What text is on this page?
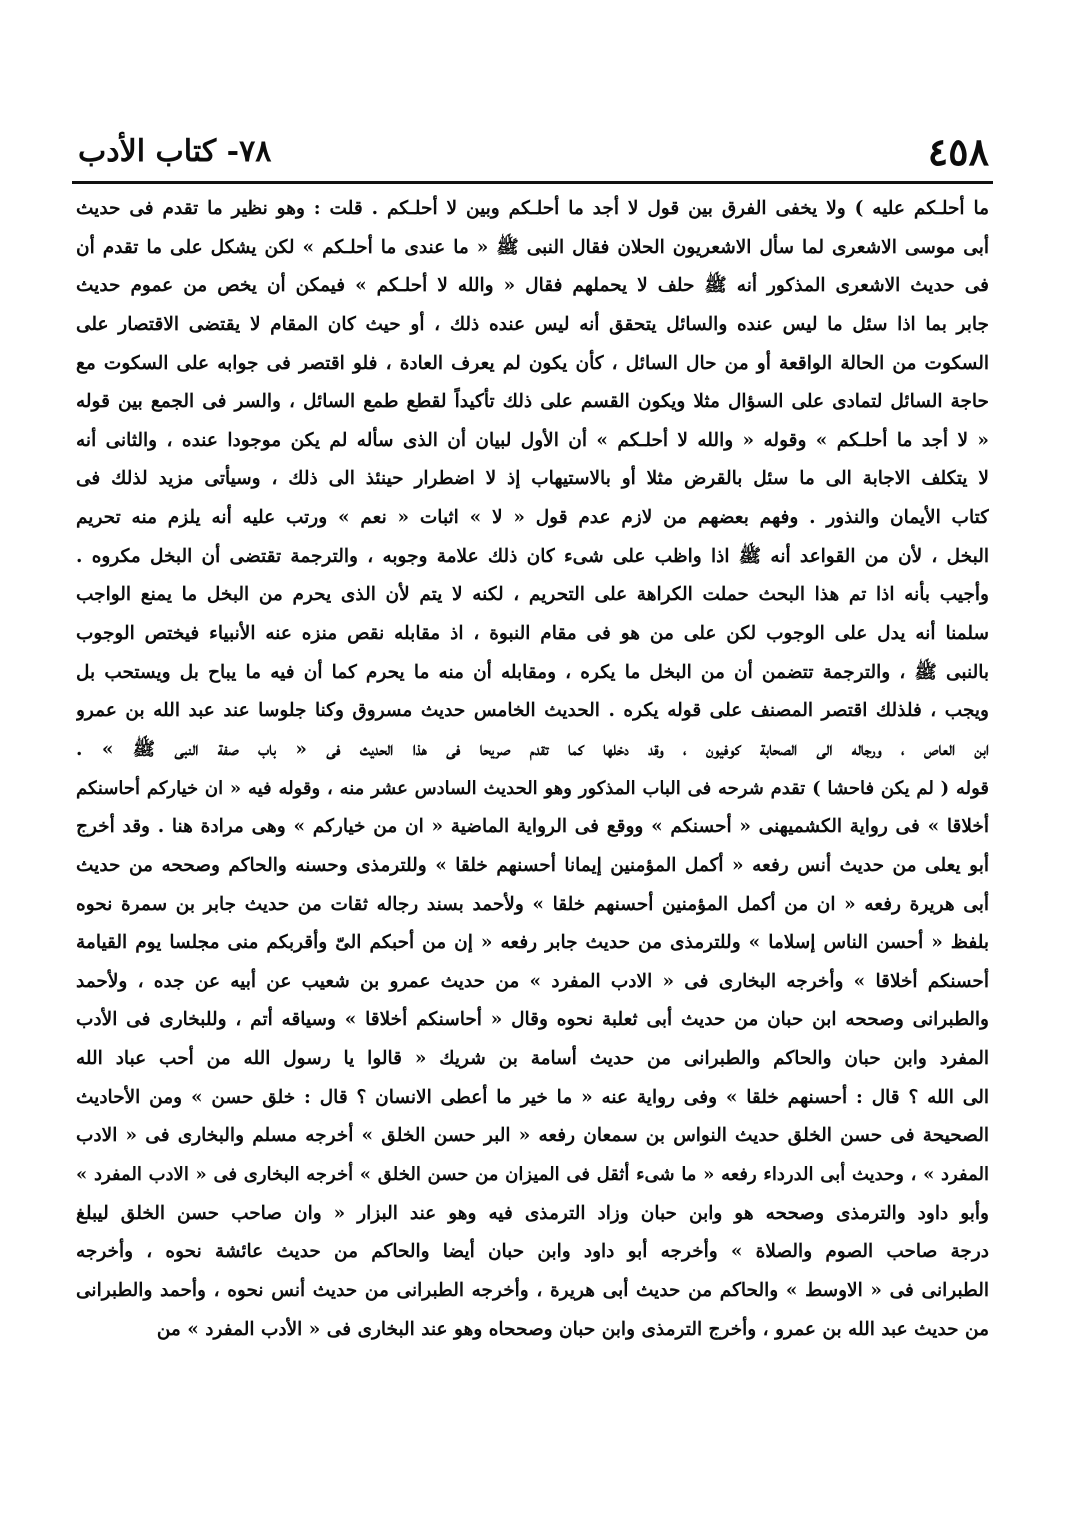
٤٥٨
٧٨- كتاب الأدب
ما أحلـكم عليه ) ولا يخفى الفرق بين قول لا أجد ما أحلـكم وبين لا أحلـكم . قلت : وهو نظير ما تقدم فى حديث
أبى موسى الاشعرى لما سأل الاشعريون الحلان فقال النبى ﷺ « ما عندى ما أحلـكم » لكن يشكل على ما تقدم أن
فى حديث الاشعرى المذكور أنه ﷺ حلف لا يحملهم فقال « والله لا أحلـكم » فيمكن أن يخص من عموم حديث
جابر بما اذا سئل ما ليس عنده والسائل يتحقق أنه ليس عنده ذلك ، أو حيث كان المقام لا يقتضى الاقتصار على
السكوت من الحالة الواقعة أو من حال السائل ، كأن يكون لم يعرف العادة ، فلو اقتصر فى جوابه على السكوت مع
حاجة السائل لتمادى على السؤال مثلا ويكون القسم على ذلك تأكيداً لقطع طمع السائل ، والسر فى الجمع بين قوله
« لا أجد ما أحلـكم » وقوله « والله لا أحلـكم » أن الأول لبيان أن الذى سأله لم يكن موجودا عنده ، والثانى أنه
لا يتكلف الاجابة الى ما سئل بالقرض مثلا أو بالاستيهاب إذ لا اضطرار حينئذ الى ذلك ، وسيأتى مزيد لذلك فى
كتاب الأيمان والنذور . وفهم بعضهم من لازم عدم قول « لا » اثبات « نعم » ورتب عليه أنه يلزم منه تحريم
البخل ، لأن من القواعد أنه ﷺ اذا واظب على شىء كان ذلك علامة وجوبه ، والترجمة تقتضى أن البخل مكروه .
وأجيب بأنه اذا تم هذا البحث حملت الكراهة على التحريم ، لكنه لا يتم لأن الذى يحرم من البخل ما يمنع الواجب
سلمنا أنه يدل على الوجوب لكن على من هو فى مقام النبوة ، اذ مقابله نقص منزه عنه الأنبياء فيختص الوجوب
بالنبى ﷺ ، والترجمة تتضمن أن من البخل ما يكره ، ومقابله أن منه ما يحرم كما أن فيه ما يباح بل ويستحب بل
ويجب ، فلذلك اقتصر المصنف على قوله يكره . الحديث الخامس حديث مسروق وكنا جلوسا عند عبد الله بن عمرو
ابن العاص ، ورجاله الى الصحابة كوفيون ، وقد دخلها كما تقدم صريحا فى هذا الحديث فى « باب صفة النبى ﷺ » .
قوله ( لم يكن فاحشا ) تقدم شرحه فى الباب المذكور وهو الحديث السادس عشر منه ، وقوله فيه « ان خياركم أحاسنكم
أخلاقا » فى رواية الكشميهنى « أحسنكم » ووقع فى الرواية الماضية « ان من خياركم » وهى مرادة هنا . وقد أخرج
أبو يعلى من حديث أنس رفعه « أكمل المؤمنين إيمانا أحسنهم خلقا » وللترمذى وحسنه والحاكم وصححه من حديث
أبى هريرة رفعه « ان من أكمل المؤمنين أحسنهم خلقا » ولأحمد بسند رجاله ثقات من حديث جابر بن سمرة نحوه
بلفظ « أحسن الناس إسلاما » وللترمذى من حديث جابر رفعه « إن من أحبكم الىّ وأقربكم منى مجلسا يوم القيامة
أحسنكم أخلاقا » وأخرجه البخارى فى « الادب المفرد » من حديث عمرو بن شعيب عن أبيه عن جده ، ولأحمد
والطبرانى وصححه ابن حبان من حديث أبى ثعلبة نحوه وقال « أحاسنكم أخلاقا » وسياقه أتم ، وللبخارى فى الأدب
المفرد وابن حبان والحاكم والطبرانى من حديث أسامة بن شريك « قالوا يا رسول الله من أحب عباد الله
الى الله ؟ قال : أحسنهم خلقا » وفى رواية عنه « ما خير ما أعطى الانسان ؟ قال : خلق حسن » ومن الأحاديث
الصحيحة فى حسن الخلق حديث النواس بن سمعان رفعه « البر حسن الخلق » أخرجه مسلم والبخارى فى « الادب
المفرد » ، وحديث أبى الدرداء رفعه « ما شىء أثقل فى الميزان من حسن الخلق » أخرجه البخارى فى « الادب المفرد »
وأبو داود والترمذى وصححه هو وابن حبان وزاد الترمذى فيه وهو عند البزار « وان صاحب حسن الخلق ليبلغ
درجة صاحب الصوم والصلاة » وأخرجه أبو داود وابن حبان أيضا والحاكم من حديث عائشة نحوه ، وأخرجه
الطبرانى فى « الاوسط » والحاكم من حديث أبى هريرة ، وأخرجه الطبرانى من حديث أنس نحوه ، وأحمد والطبرانى
من حديث عبد الله بن عمرو ، وأخرج الترمذى وابن حبان وصححاه وهو عند البخارى فى « الأدب المفرد » من
